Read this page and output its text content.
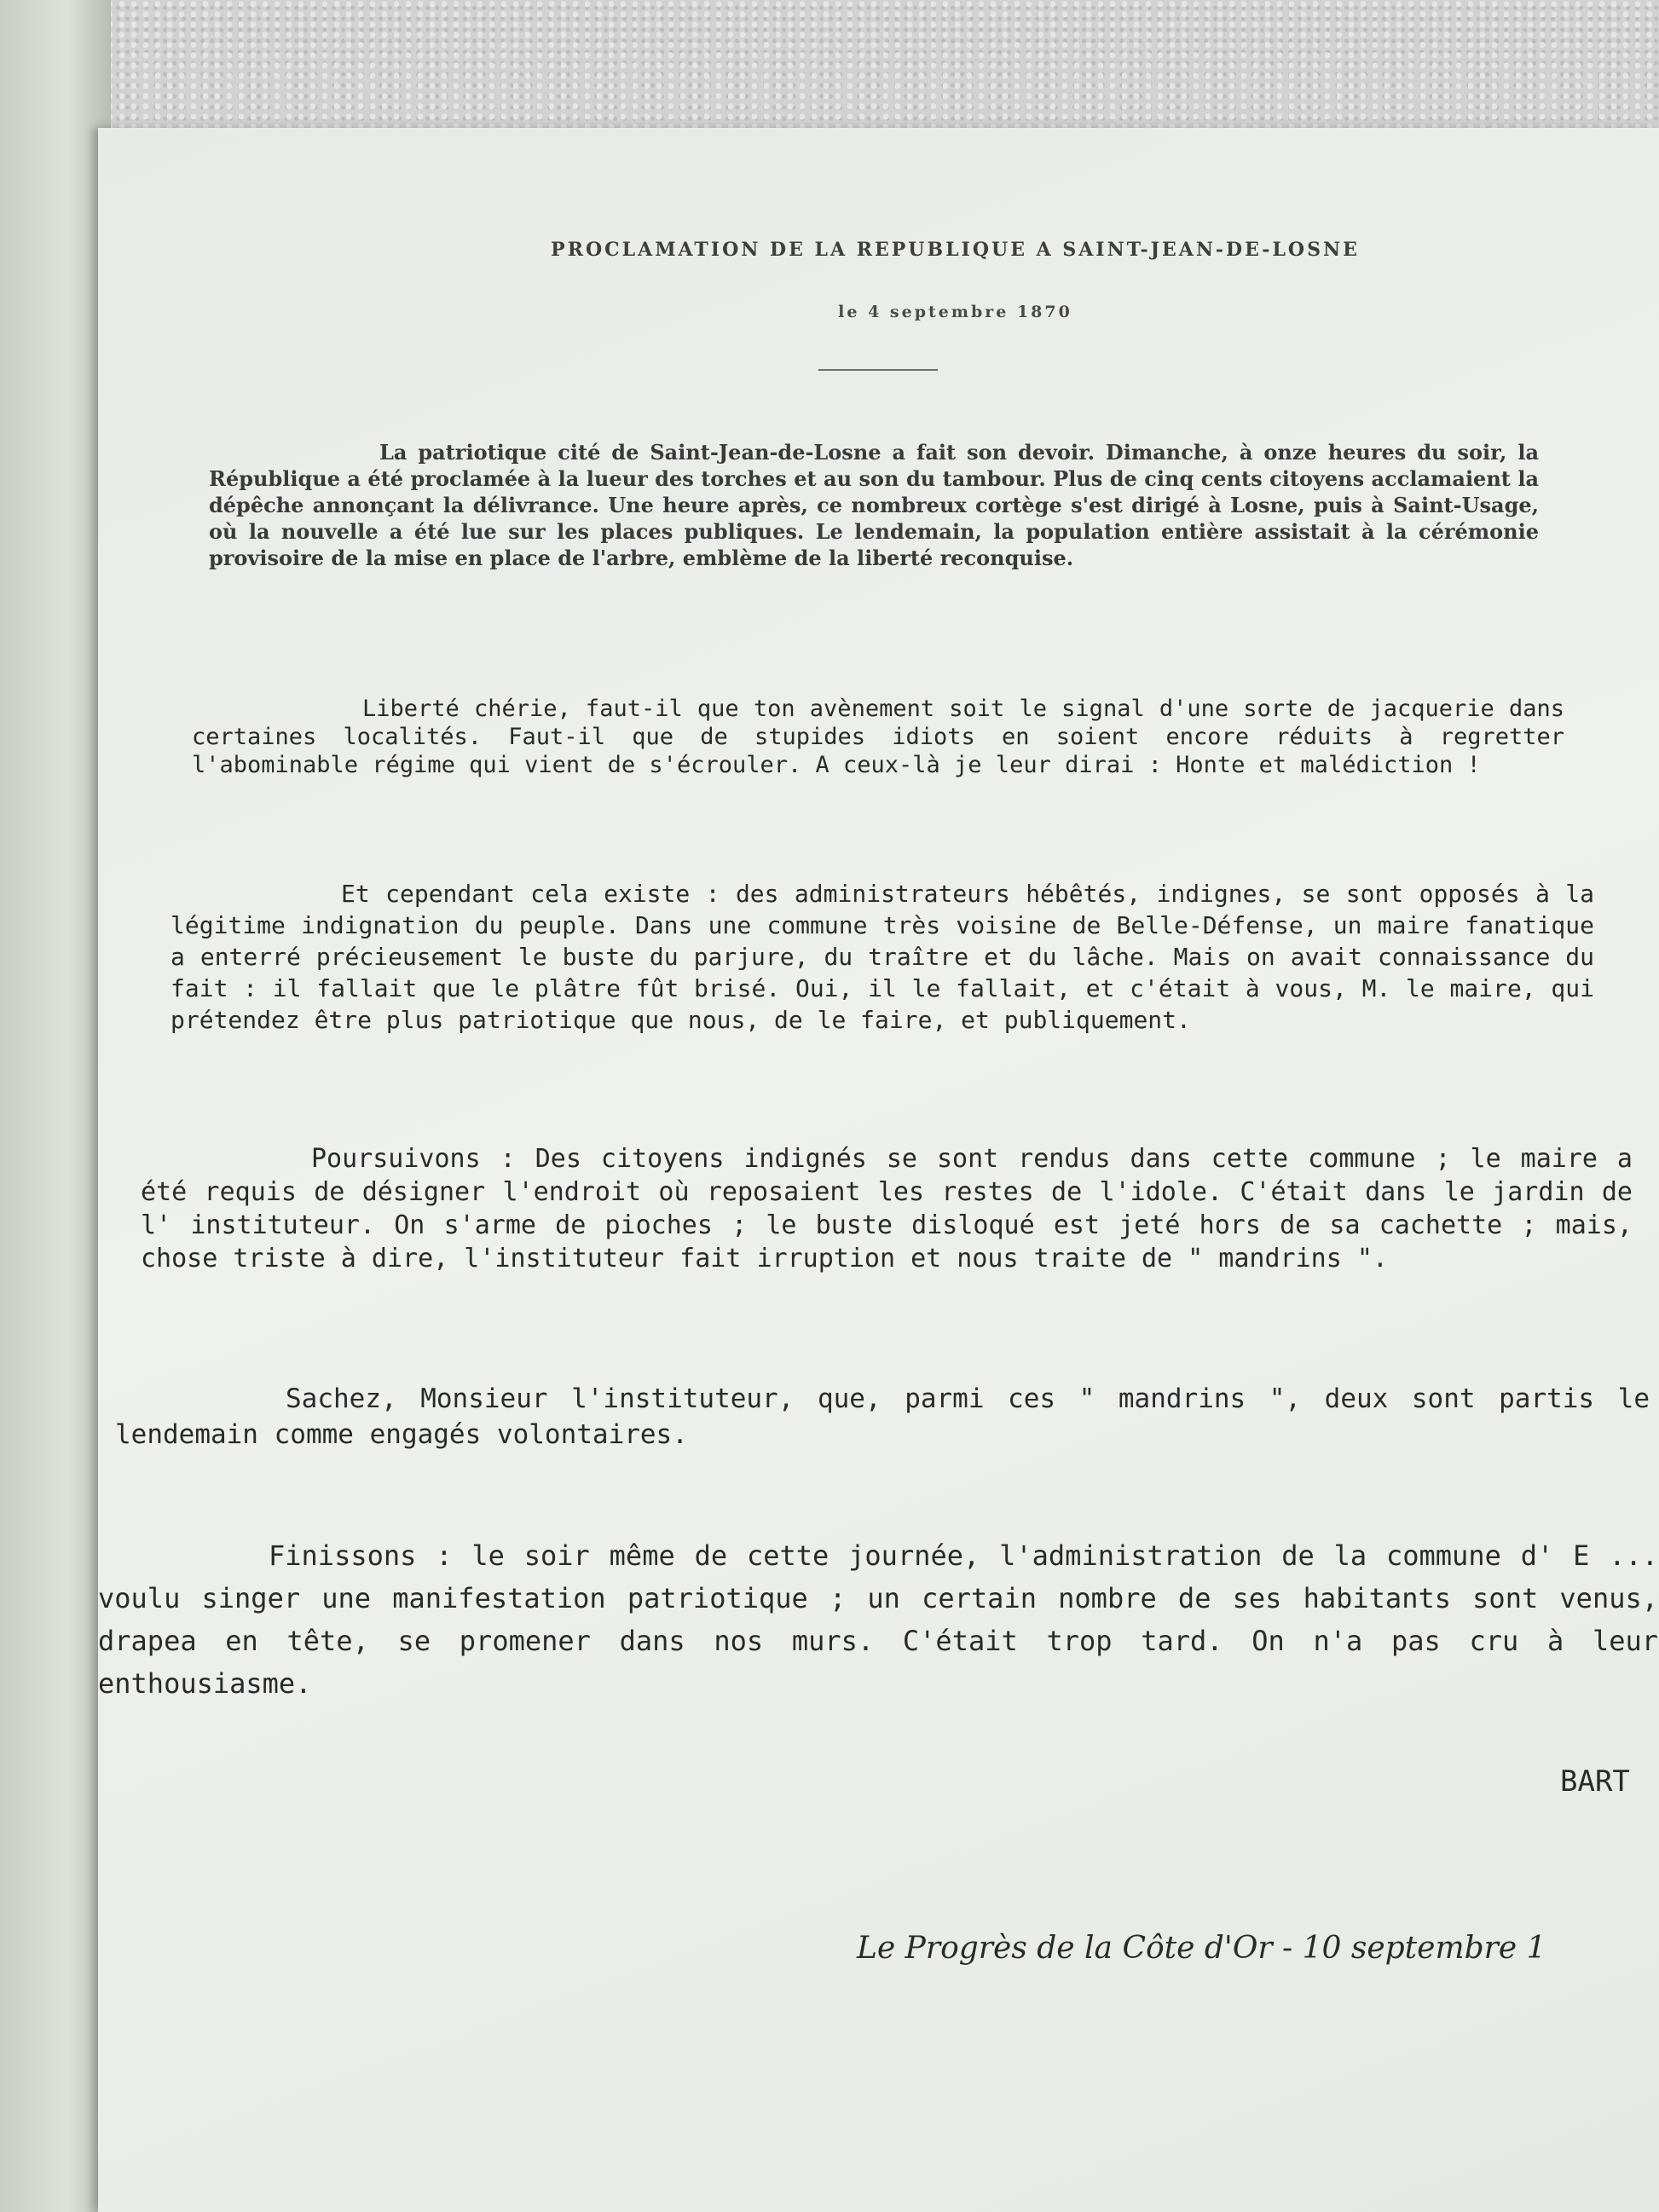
PROCLAMATION DE LA REPUBLIQUE A SAINT-JEAN-DE-LOSNE
le 4 septembre 1870

La patriotique cité de Saint-Jean-de-Losne a fait son devoir. Dimanche, à onze heures du soir, la République a été proclamée à la lueur des torches et au son du tambour. Plus de cinq cents citoyens acclamaient la dépêche annonçant la délivrance. Une heure après, ce nombreux cortège s'est dirigé à Losne, puis à Saint-Usage, où la nouvelle a été lue sur les places publiques. Le lendemain, la population entière assistait à la cérémonie provisoire de la mise en place de l'arbre, emblème de la liberté reconquise.

Liberté chérie, faut-il que ton avènement soit le signal d'une sorte de jacquerie dans certaines localités. Faut-il que de stupides idiots en soient encore réduits à regretter l'abominable régime qui vient de s'écrouler. A ceux-là je leur dirai : Honte et malédiction !

Et cependant cela existe : des administrateurs hébêtés, indignes, se sont opposés à la légitime indignation du peuple. Dans une commune très voisine de Belle-Défense, un maire fanatique a enterré précieusement le buste du parjure, du traître et du lâche. Mais on avait connaissance du fait : il fallait que le plâtre fût brisé. Oui, il le fallait, et c'était à vous, M. le maire, qui prétendez être plus patriotique que nous, de le faire, et publiquement.

Poursuivons : Des citoyens indignés se sont rendus dans cette commune ; le maire a été requis de désigner l'endroit où reposaient les restes de l'idole. C'était dans le jardin de l' instituteur. On s'arme de pioches ; le buste disloqué est jeté hors de sa cachette ; mais, chose triste à dire, l'instituteur fait irruption et nous traite de " mandrins ".

Sachez, Monsieur l'instituteur, que, parmi ces " mandrins ", deux sont partis le lendemain comme engagés volontaires.

Finissons : le soir même de cette journée, l'administration de la commune d' E ... voulu singer une manifestation patriotique ; un certain nombre de ses habitants sont venus, drapea en tête, se promener dans nos murs. C'était trop tard. On n'a pas cru à leur enthousiasme.

BART
Le Progrès de la Côte d'Or - 10 septembre 1
